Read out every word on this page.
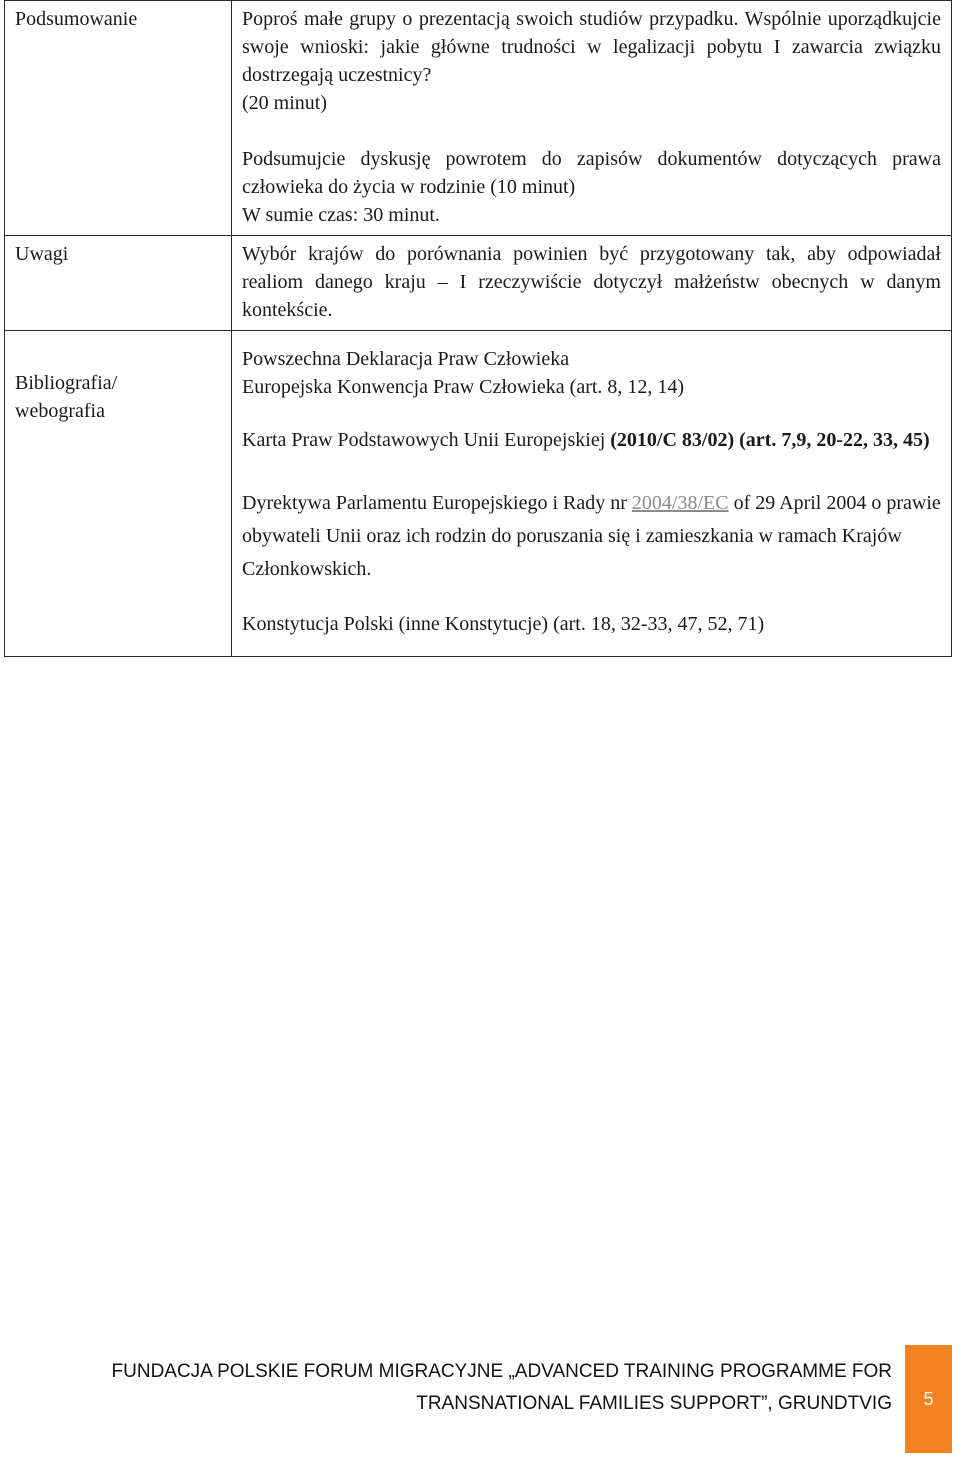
Podsumowanie	Poproś małe grupy o prezentacją swoich studiów przypadku. Wspólnie uporządkujcie swoje wnioski: jakie główne trudności w legalizacji pobytu I zawarcia związku dostrzegają uczestnicy?

(20 minut)

Podsumujcie dyskusję powrotem do zapisów dokumentów dotyczących prawa człowieka do życia w rodzinie (10 minut)

W sumie czas: 30 minut.

Uwagi	Wybór krajów do porównania powinien być przygotowany tak, aby odpowiadał realiom danego kraju – I rzeczywiście dotyczył małżeństw obecnych w danym kontekście.

Bibliografia/ webografia	Powszechna Deklaracja Praw Człowieka

Europejska Konwencja Praw Człowieka (art. 8, 12, 14)

Karta Praw Podstawowych Unii Europejskiej (2010/C 83/02) (art. 7,9, 20-22, 33, 45)

Dyrektywa Parlamentu Europejskiego i Rady nr 2004/38/EC of 29 April 2004 o prawie obywateli Unii oraz ich rodzin do poruszania się i zamieszkania w ramach Krajów Członkowskich.

Konstytucja Polski (inne Konstytucje) (art. 18, 32-33, 47, 52, 71)

FUNDACJA POLSKIE FORUM MIGRACYJNE „ADVANCED TRAINING PROGRAMME FOR
TRANSNATIONAL FAMILIES SUPPORT”, GRUNDTVIG	5
